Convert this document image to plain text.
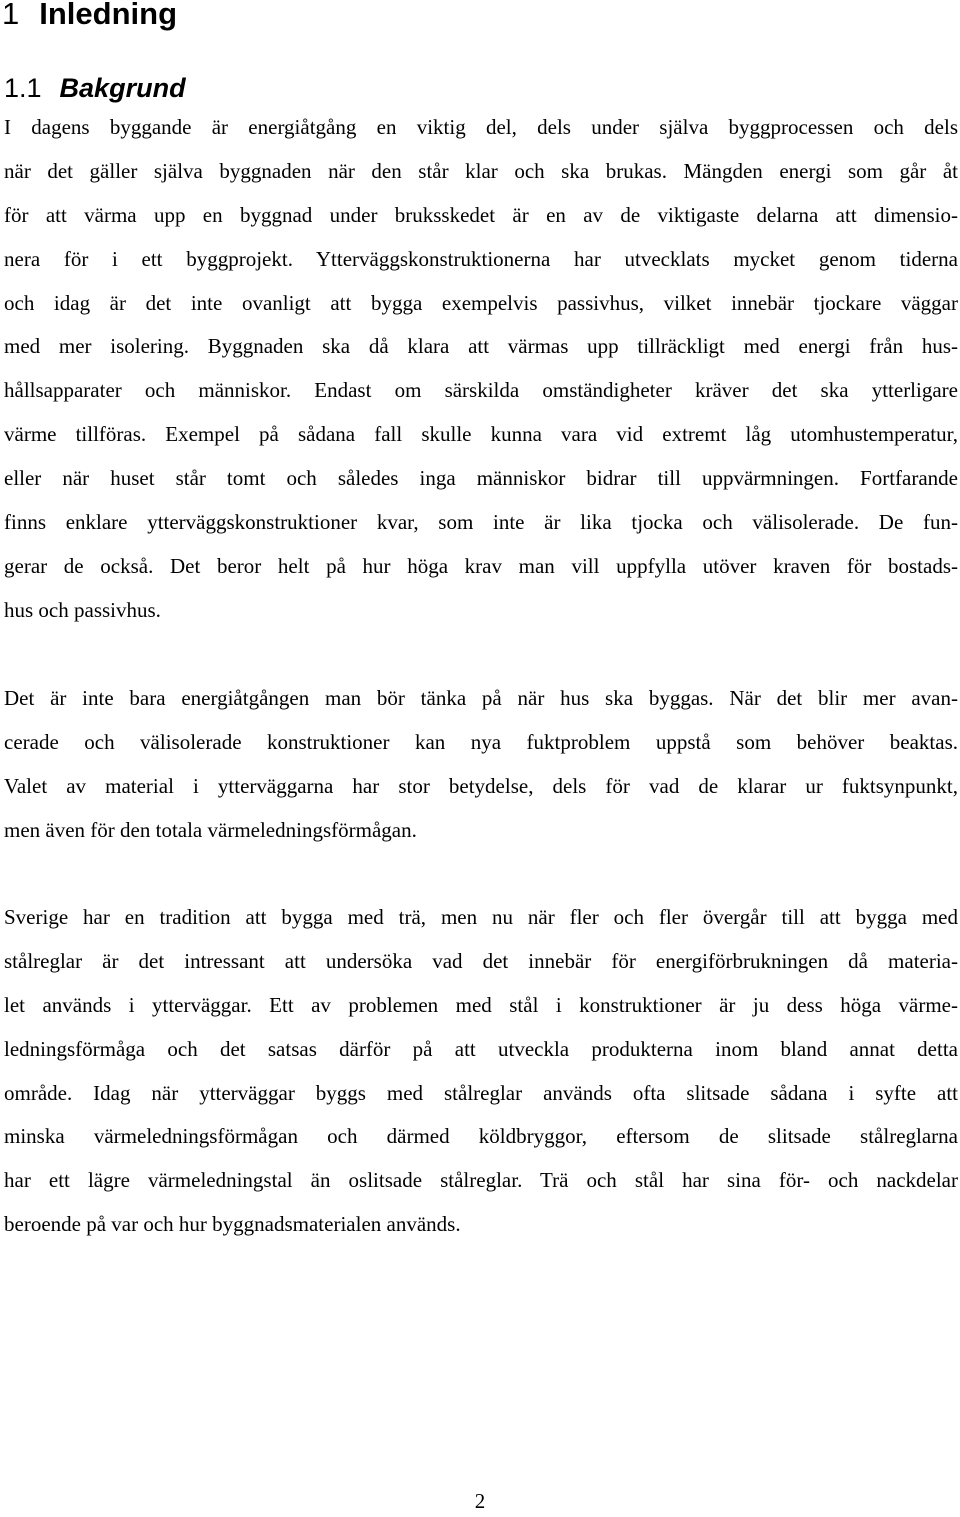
1 Inledning
1.1 Bakgrund

I dagens byggande är energiåtgång en viktig del, dels under själva byggprocessen och dels
när det gäller själva byggnaden när den står klar och ska brukas. Mängden energi som går åt
för att värma upp en byggnad under bruksskedet är en av de viktigaste delarna att dimensio-
nera för i ett byggprojekt. Ytterväggskonstruktionerna har utvecklats mycket genom tiderna
och idag är det inte ovanligt att bygga exempelvis passivhus, vilket innebär tjockare väggar
med mer isolering. Byggnaden ska då klara att värmas upp tillräckligt med energi från hus-
hållsapparater och människor. Endast om särskilda omständigheter kräver det ska ytterligare
värme tillföras. Exempel på sådana fall skulle kunna vara vid extremt låg utomhustemperatur,
eller när huset står tomt och således inga människor bidrar till uppvärmningen. Fortfarande
finns enklare ytterväggskonstruktioner kvar, som inte är lika tjocka och välisolerade. De fun-
gerar de också. Det beror helt på hur höga krav man vill uppfylla utöver kraven för bostads-
hus och passivhus.

Det är inte bara energiåtgången man bör tänka på när hus ska byggas. När det blir mer avan-
cerade och välisolerade konstruktioner kan nya fuktproblem uppstå som behöver beaktas.
Valet av material i ytterväggarna har stor betydelse, dels för vad de klarar ur fuktsynpunkt,
men även för den totala värmeledningsförmågan.

Sverige har en tradition att bygga med trä, men nu när fler och fler övergår till att bygga med
stålreglar är det intressant att undersöka vad det innebär för energiförbrukningen då materia-
let används i ytterväggar. Ett av problemen med stål i konstruktioner är ju dess höga värme-
ledningsförmåga och det satsas därför på att utveckla produkterna inom bland annat detta
område. Idag när ytterväggar byggs med stålreglar används ofta slitsade sådana i syfte att
minska värmeledningsförmågan och därmed köldbryggor, eftersom de slitsade stålreglarna
har ett lägre värmeledningstal än oslitsade stålreglar. Trä och stål har sina för- och nackdelar
beroende på var och hur byggnadsmaterialen används.

2
